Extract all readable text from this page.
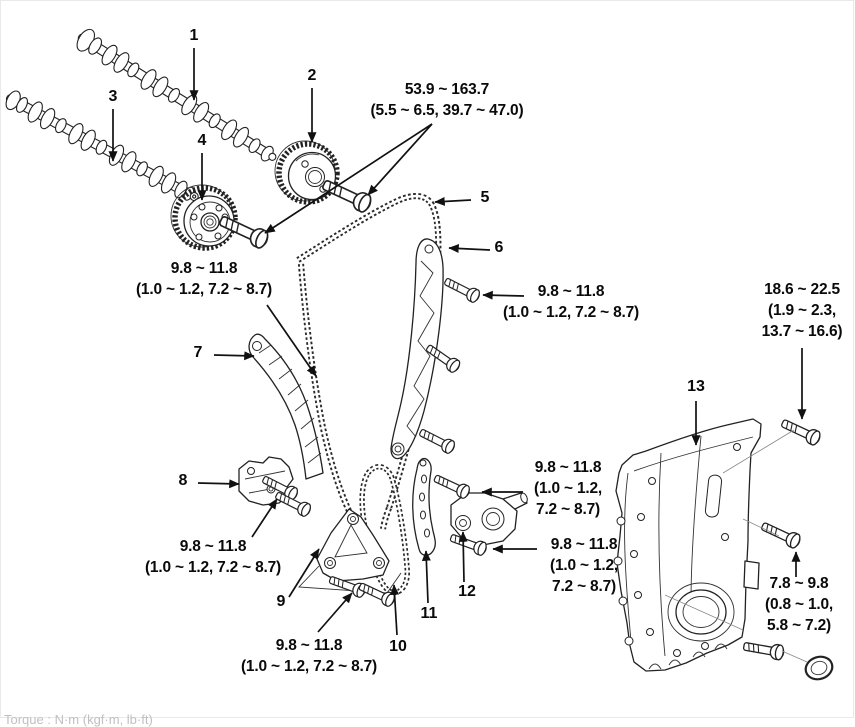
1
2
3
4
5
6
7
8
9
10
11
12
13
53.9 ~ 163.7
(5.5 ~ 6.5, 39.7 ~ 47.0)
9.8 ~ 11.8
(1.0 ~ 1.2, 7.2 ~ 8.7)
9.8 ~ 11.8
(1.0 ~ 1.2, 7.2 ~ 8.7)
9.8 ~ 11.8
(1.0 ~ 1.2, 7.2 ~ 8.7)
9.8 ~ 11.8
(1.0 ~ 1.2, 7.2 ~ 8.7)
9.8 ~ 11.8
(1.0 ~ 1.2,
7.2 ~ 8.7)
9.8 ~ 11.8
(1.0 ~ 1.2,
7.2 ~ 8.7)
18.6 ~ 22.5
(1.9 ~ 2.3,
13.7 ~ 16.6)
7.8 ~ 9.8
(0.8 ~ 1.0,
5.8 ~ 7.2)
Torque : N·m (kgf·m, lb·ft)
